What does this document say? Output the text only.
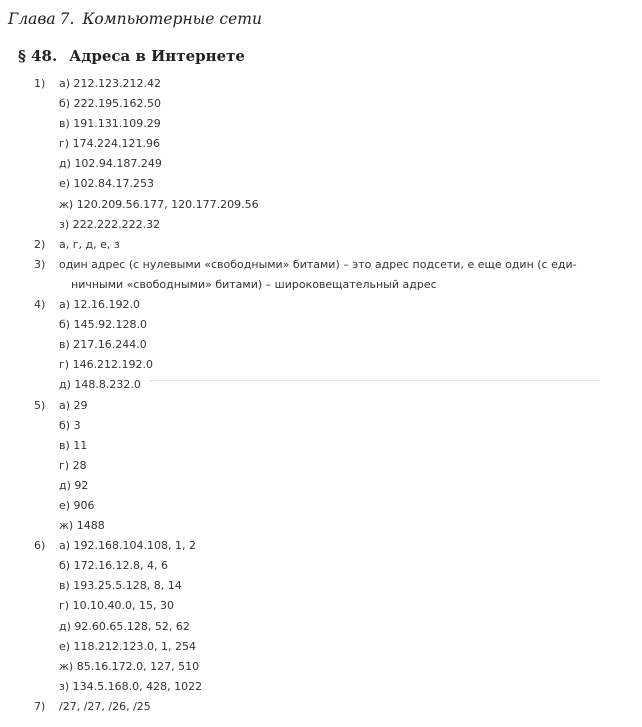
Глава 7. Компьютерные сети
§ 48. Адреса в Интернете
1) а) 212.123.212.42
б) 222.195.162.50
в) 191.131.109.29
г) 174.224.121.96
д) 102.94.187.249
е) 102.84.17.253
ж) 120.209.56.177, 120.177.209.56
з) 222.222.222.32
2) а, г, д, е, з
3) один адрес (с нулевыми «свободными» битами) – это адрес подсети, е еще один (с еди-
ничными «свободными» битами) – широковещательный адрес
4) а) 12.16.192.0
б) 145.92.128.0
в) 217.16.244.0
г) 146.212.192.0
д) 148.8.232.0
5) а) 29
б) 3
в) 11
г) 28
д) 92
е) 906
ж) 1488
6) а) 192.168.104.108, 1, 2
б) 172.16.12.8, 4, 6
в) 193.25.5.128, 8, 14
г) 10.10.40.0, 15, 30
д) 92.60.65.128, 52, 62
е) 118.212.123.0, 1, 254
ж) 85.16.172.0, 127, 510
з) 134.5.168.0, 428, 1022
7) /27, /27, /26, /25
